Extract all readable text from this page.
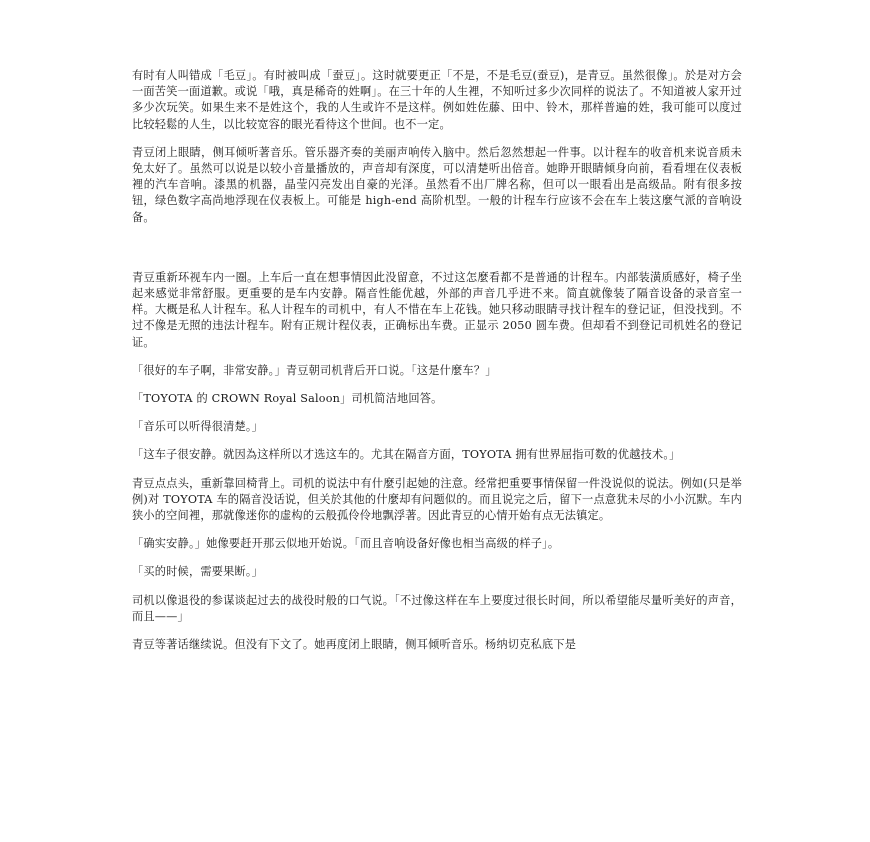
有时有人叫错成「毛豆」。有时被叫成「蚕豆」。这时就要更正「不是，不是毛豆(蚕豆)，是青豆。虽然很像」。於是对方会一面苦笑一面道歉。或说「哦，真是稀奇的姓啊」。在三十年的人生裡，不知听过多少次同样的说法了。不知道被人家开过多少次玩笑。如果生来不是姓这个，我的人生或许不是这样。例如姓佐藤、田中、铃木，那样普遍的姓，我可能可以度过比较轻鬆的人生，以比较宽容的眼光看待这个世间。也不一定。

青豆闭上眼睛，侧耳倾听著音乐。管乐器齐奏的美丽声响传入脑中。然后忽然想起一件事。以计程车的收音机来说音质未免太好了。虽然可以说是以较小音量播放的，声音却有深度，可以清楚听出倍音。她睁开眼睛倾身向前，看看埋在仪表板裡的汽车音响。漆黑的机器，晶莹闪亮发出自豪的光泽。虽然看不出厂牌名称，但可以一眼看出是高级品。附有很多按钮，绿色数字高尚地浮现在仪表板上。可能是 high-end 高阶机型。一般的计程车行应该不会在车上装这麼气派的音响设备。

青豆重新环视车内一圈。上车后一直在想事情因此没留意，不过这怎麼看都不是普通的计程车。内部装潢质感好，椅子坐起来感觉非常舒服。更重要的是车内安静。隔音性能优越，外部的声音几乎进不来。简直就像装了隔音设备的录音室一样。大概是私人计程车。私人计程车的司机中，有人不惜在车上花钱。她只移动眼睛寻找计程车的登记证，但没找到。不过不像是无照的违法计程车。附有正规计程仪表，正确标出车费。正显示 2050 圆车费。但却看不到登记司机姓名的登记证。

「很好的车子啊，非常安静。」青豆朝司机背后开口说。「这是什麼车？」

「TOYOTA 的 CROWN Royal Saloon」司机简洁地回答。

「音乐可以听得很清楚。」

「这车子很安静。就因為这样所以才选这车的。尤其在隔音方面，TOYOTA 拥有世界屈指可数的优越技术。」

青豆点点头，重新靠回椅背上。司机的说法中有什麼引起她的注意。经常把重要事情保留一件没说似的说法。例如(只是举例)对 TOYOTA 车的隔音没话说，但关於其他的什麼却有问题似的。而且说完之后，留下一点意犹未尽的小小沉默。车内狭小的空间裡，那就像迷你的虚构的云般孤伶伶地飘浮著。因此青豆的心情开始有点无法镇定。

「确实安静。」她像要赶开那云似地开始说。「而且音响设备好像也相当高级的样子」。

「买的时候，需要果断。」

司机以像退役的参谋谈起过去的战役时般的口气说。「不过像这样在车上要度过很长时间，所以希望能尽量听美好的声音，而且——」

青豆等著话继续说。但没有下文了。她再度闭上眼睛，侧耳倾听音乐。杨纳切克私底下是
